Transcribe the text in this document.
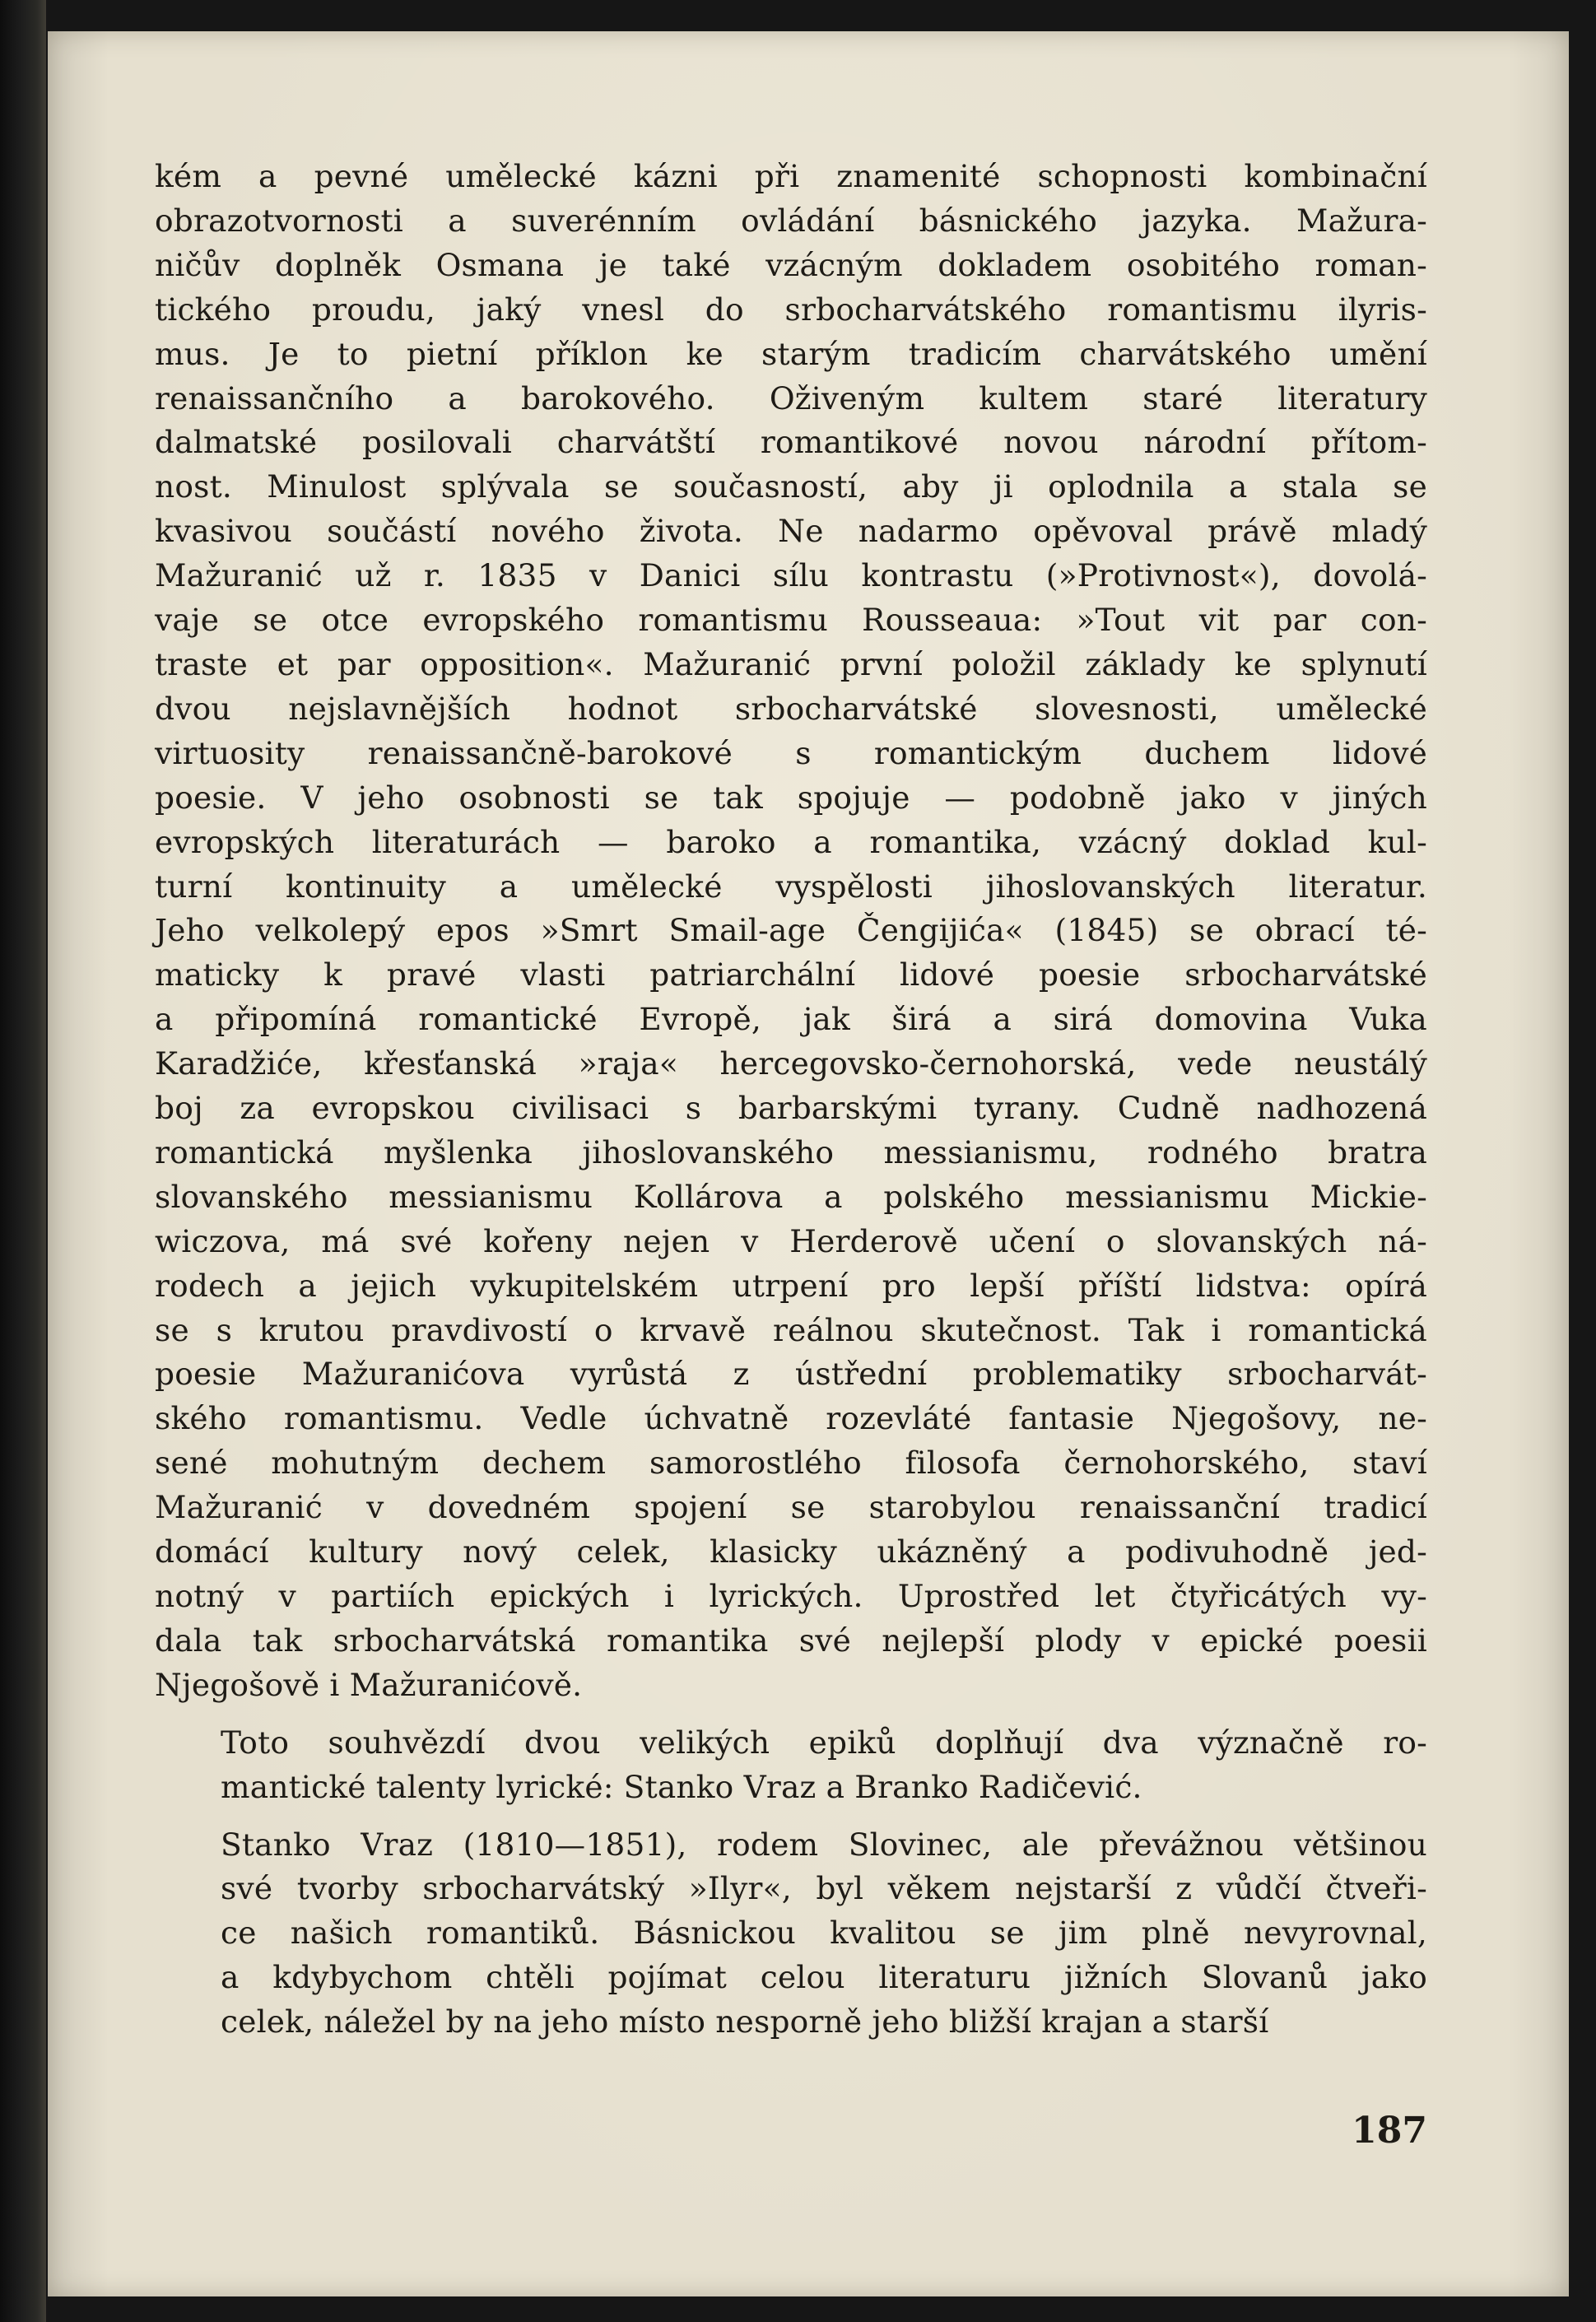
kém a pevné umělecké kázni při znamenité schopnosti kombinační
obrazotvornosti a suverénním ovládání básnického jazyka. Mažura-
ničův doplněk Osmana je také vzácným dokladem osobitého roman-
tického proudu, jaký vnesl do srbocharvátského romantismu ilyris-
mus. Je to pietní příklon ke starým tradicím charvátského umění
renaissančního a barokového. Oživeným kultem staré literatury
dalmatské posilovali charvátští romantikové novou národní přítom-
nost. Minulost splývala se současností, aby ji oplodnila a stala se
kvasivou součástí nového života. Ne nadarmo opěvoval právě mladý
Mažuranić už r. 1835 v Danici sílu kontrastu (»Protivnost«), dovolá-
vaje se otce evropského romantismu Rousseaua: »Tout vit par con-
traste et par opposition«. Mažuranić první položil základy ke splynutí
dvou nejslavnějších hodnot srbocharvátské slovesnosti, umělecké
virtuosity renaissančně-barokové s romantickým duchem lidové
poesie. V jeho osobnosti se tak spojuje — podobně jako v jiných
evropských literaturách — baroko a romantika, vzácný doklad kul-
turní kontinuity a umělecké vyspělosti jihoslovanských literatur.
Jeho velkolepý epos »Smrt Smail-age Čengijića« (1845) se obrací té-
maticky k pravé vlasti patriarchální lidové poesie srbocharvátské
a připomíná romantické Evropě, jak širá a sirá domovina Vuka
Karadžiće, křesťanská »raja« hercegovsko-černohorská, vede neustálý
boj za evropskou civilisaci s barbarskými tyrany. Cudně nadhozená
romantická myšlenka jihoslovanského messianismu, rodného bratra
slovanského messianismu Kollárova a polského messianismu Mickie-
wiczova, má své kořeny nejen v Herderově učení o slovanských ná-
rodech a jejich vykupitelském utrpení pro lepší příští lidstva: opírá
se s krutou pravdivostí o krvavě reálnou skutečnost. Tak i romantická
poesie Mažuranićova vyrůstá z ústřední problematiky srbocharvát-
ského romantismu. Vedle úchvatně rozevláté fantasie Njegošovy, ne-
sené mohutným dechem samorostlého filosofa černohorského, staví
Mažuranić v dovedném spojení se starobylou renaissanční tradicí
domácí kultury nový celek, klasicky ukázněný a podivuhodně jed-
notný v partiích epických i lyrických. Uprostřed let čtyřicátých vy-
dala tak srbocharvátská romantika své nejlepší plody v epické poesii
Njegošově i Mažuranićově.

Toto souhvězdí dvou velikých epiků doplňují dva význačně ro-
mantické talenty lyrické: Stanko Vraz a Branko Radičević.

Stanko Vraz (1810—1851), rodem Slovinec, ale převážnou většinou
své tvorby srbocharvátský »Ilyr«, byl věkem nejstarší z vůdčí čtveři-
ce našich romantiků. Básnickou kvalitou se jim plně nevyrovnal,
a kdybychom chtěli pojímat celou literaturu jižních Slovanů jako
celek, náležel by na jeho místo nesporně jeho bližší krajan a starší

187
